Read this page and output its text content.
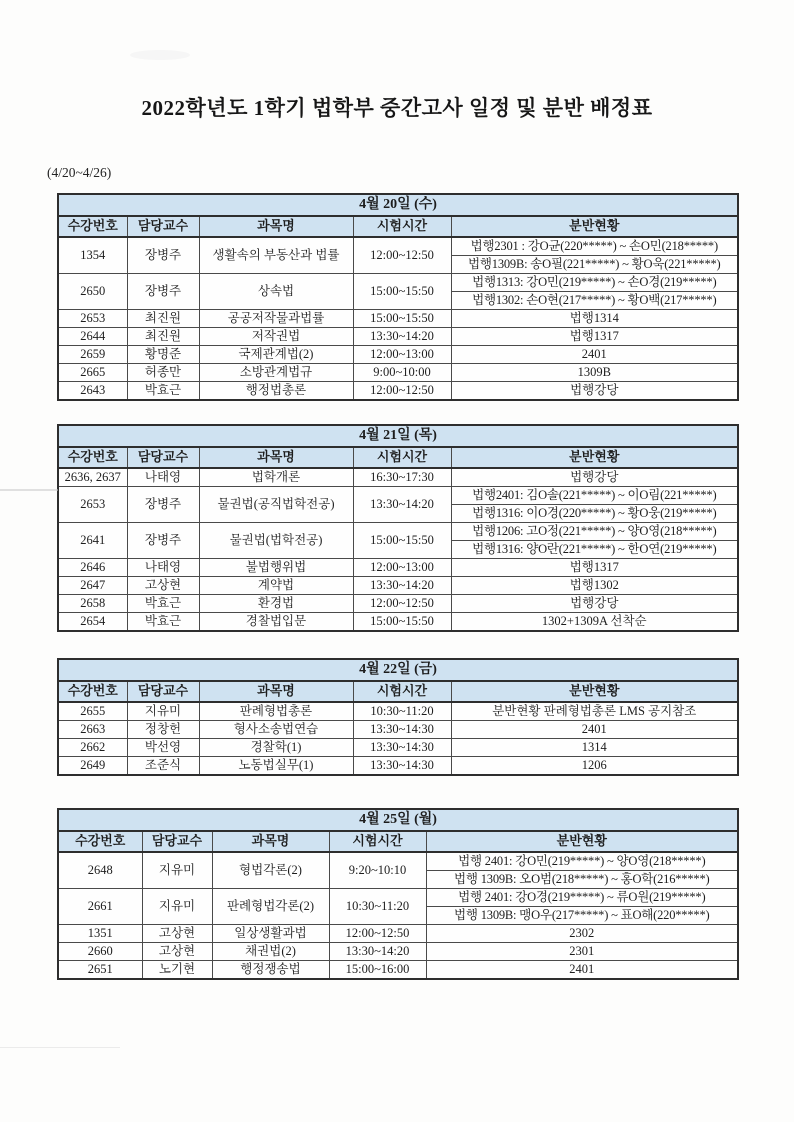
2022학년도 1학기 법학부 중간고사 일정 및 분반 배정표
(4/20~4/26)
4월 20일 (수)				
수강번호	담당교수	과목명	시험시간	분반현황
1354	장병주	생활속의 부동산과 법률	12:00~12:50	법행2301 : 강O균(220*****) ~ 손O민(218*****)
				법행1309B: 송O필(221*****) ~ 황O욱(221*****)
2650	장병주	상속법	15:00~15:50	법행1313: 강O민(219*****) ~ 손O경(219*****)
				법행1302: 손O현(217*****) ~ 황O백(217*****)
2653	최진원	공공저작물과법률	15:00~15:50	법행1314
2644	최진원	저작권법	13:30~14:20	법행1317
2659	황명준	국제관계법(2)	12:00~13:00	2401
2665	허종만	소방관계법규	9:00~10:00	1309B
2643	박효근	행정법총론	12:00~12:50	법행강당
4월 21일 (목)				
수강번호	담당교수	과목명	시험시간	분반현황
2636, 2637	나태영	법학개론	16:30~17:30	법행강당
2653	장병주	물권법(공직법학전공)	13:30~14:20	법행2401: 김O솔(221*****) ~ 이O림(221*****)
				법행1316: 이O경(220*****) ~ 황O웅(219*****)
2641	장병주	물권법(법학전공)	15:00~15:50	법행1206: 고O정(221*****) ~ 양O영(218*****)
				법행1316: 양O란(221*****) ~ 한O연(219*****)
2646	나태영	불법행위법	12:00~13:00	법행1317
2647	고상현	계약법	13:30~14:20	법행1302
2658	박효근	환경법	12:00~12:50	법행강당
2654	박효근	경찰법입문	15:00~15:50	1302+1309A 선착순
4월 22일 (금)				
수강번호	담당교수	과목명	시험시간	분반현황
2655	지유미	판례형법총론	10:30~11:20	분반현황 판례형법총론 LMS 공지참조
2663	정창헌	형사소송법연습	13:30~14:30	2401
2662	박선영	경찰학(1)	13:30~14:30	1314
2649	조준식	노동법실무(1)	13:30~14:30	1206
4월 25일 (월)				
수강번호	담당교수	과목명	시험시간	분반현황
2648	지유미	형법각론(2)	9:20~10:10	법행 2401: 강O민(219*****) ~ 양O영(218*****)
				법행 1309B: 오O범(218*****) ~ 홍O학(216*****)
2661	지유미	판례형법각론(2)	10:30~11:20	법행 2401: 강O경(219*****) ~ 류O원(219*****)
				법행 1309B: 맹O우(217*****) ~ 표O해(220*****)
1351	고상현	일상생활과법	12:00~12:50	2302
2660	고상현	채권법(2)	13:30~14:20	2301
2651	노기현	행정쟁송법	15:00~16:00	2401
